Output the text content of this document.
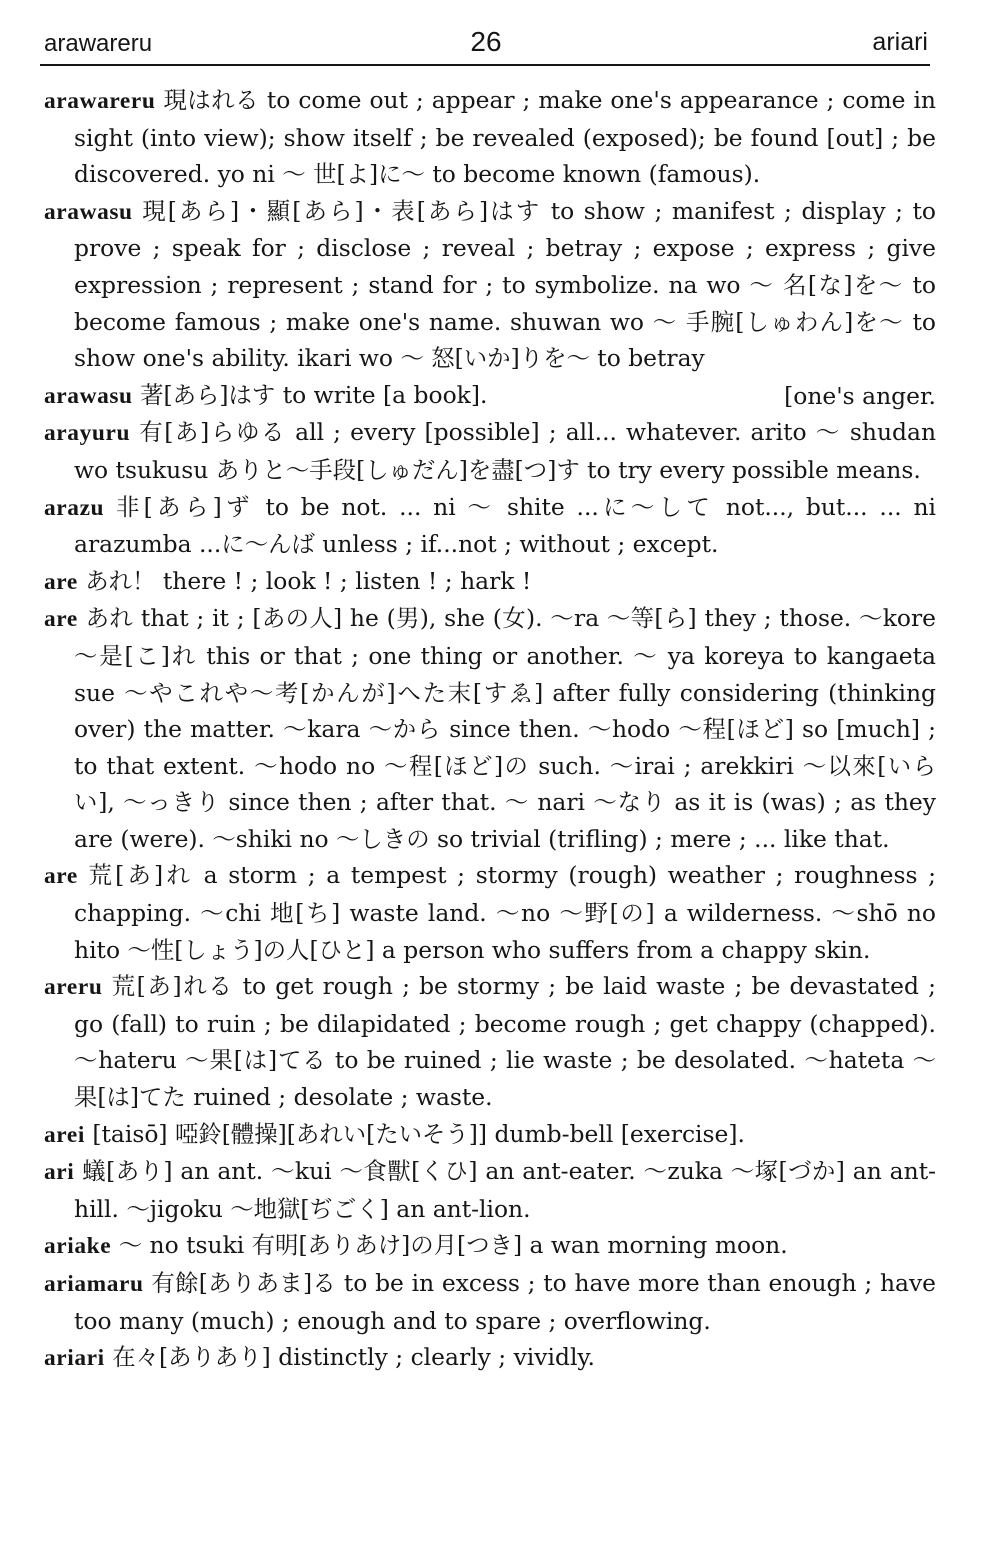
arawareru	26	ariari
arawareru 現はれる to come out ; appear ; make one's appearance ; come in sight (into view); show itself ; be revealed (exposed); be found [out] ; be discovered. yo ni ～ 世[よ]に～ to become known (famous).
arawasu 現[あら]・顯[あら]・表[あら]はす to show ; manifest ; display ; to prove ; speak for ; disclose ; reveal ; betray ; expose ; express ; give expression ; represent ; stand for ; to symbolize. na wo ～ 名[な]を～ to become famous ; make one's name. shuwan wo ～ 手腕[しゅわん]を～ to show one's ability. ikari wo ～ 怒[いか]りを～ to betray
arawasu 著[あら]はす to write [a book].	[one's anger.
arayuru 有[あ]らゆる all ; every [possible] ; all... whatever. arito ～ shudan wo tsukusu ありと～手段[しゅだん]を盡[つ]す to try every possible means.
arazu 非[あら]ず to be not. ... ni ～ shite ...に～して not..., but... ... ni arazumba ...に～んば unless ; if...not ; without ; except.
are あれ！ there ! ; look ! ; listen ! ; hark !
are あれ that ; it ; [あの人] he (男), she (女). ～ra ～等[ら] they ; those. ～kore ～是[こ]れ this or that ; one thing or another. ～ ya koreya to kangaeta sue ～やこれや～考[かんが]へた末[すゑ] after fully considering (thinking over) the matter. ～kara ～から since then. ～hodo ～程[ほど] so [much] ; to that extent. ～hodo no ～程[ほど]の such. ～irai ; arekkiri ～以來[いらい], ～っきり since then ; after that. ～ nari ～なり as it is (was) ; as they are (were). ～shiki no ～しきの so trivial (trifling) ; mere ; ... like that.
are 荒[あ]れ a storm ; a tempest ; stormy (rough) weather ; roughness ; chapping. ～chi 地[ち] waste land. ～no ～野[の] a wilderness. ～shō no hito ～性[しょう]の人[ひと] a person who suffers from a chappy skin.
areru 荒[あ]れる to get rough ; be stormy ; be laid waste ; be devastated ; go (fall) to ruin ; be dilapidated ; become rough ; get chappy (chapped). ～hateru ～果[は]てる to be ruined ; lie waste ; be desolated. ～hateta ～果[は]てた ruined ; desolate ; waste.
arei [taisō] 啞鈴[體操][あれい[たいそう]] dumb-bell [exercise].
ari 蟻[あり] an ant. ～kui ～食獸[くひ] an ant-eater. ～zuka ～塚[づか] an ant-hill. ～jigoku ～地獄[ぢごく] an ant-lion.
ariake ～ no tsuki 有明[ありあけ]の月[つき] a wan morning moon.
ariamaru 有餘[ありあま]る to be in excess ; to have more than enough ; have too many (much) ; enough and to spare ; overflowing.
ariari 在々[ありあり] distinctly ; clearly ; vividly.
